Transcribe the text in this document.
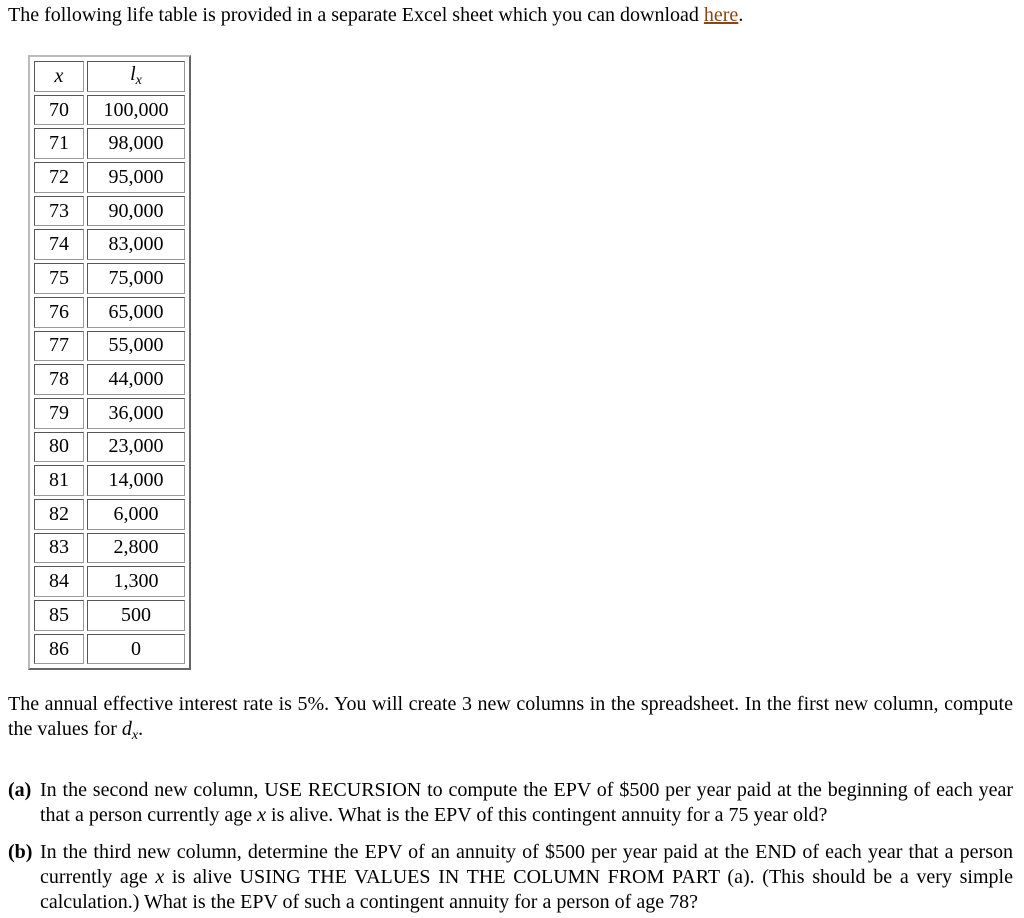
The following life table is provided in a separate Excel sheet which you can download here.
x	$l_x$
70	100,000
71	98,000
72	95,000
73	90,000
74	83,000
75	75,000
76	65,000
77	55,000
78	44,000
79	36,000
80	23,000
81	14,000
82	6,000
83	2,800
84	1,300
85	500
86	0
The annual effective interest rate is 5%. You will create 3 new columns in the spreadsheet. In the first new column, compute the values for $d_x$.
(a) In the second new column, USE RECURSION to compute the EPV of $500 per year paid at the beginning of each year that a person currently age x is alive. What is the EPV of this contingent annuity for a 75 year old?
(b) In the third new column, determine the EPV of an annuity of $500 per year paid at the END of each year that a person currently age x is alive USING THE VALUES IN THE COLUMN FROM PART (a). (This should be a very simple calculation.) What is the EPV of such a contingent annuity for a person of age 78?
